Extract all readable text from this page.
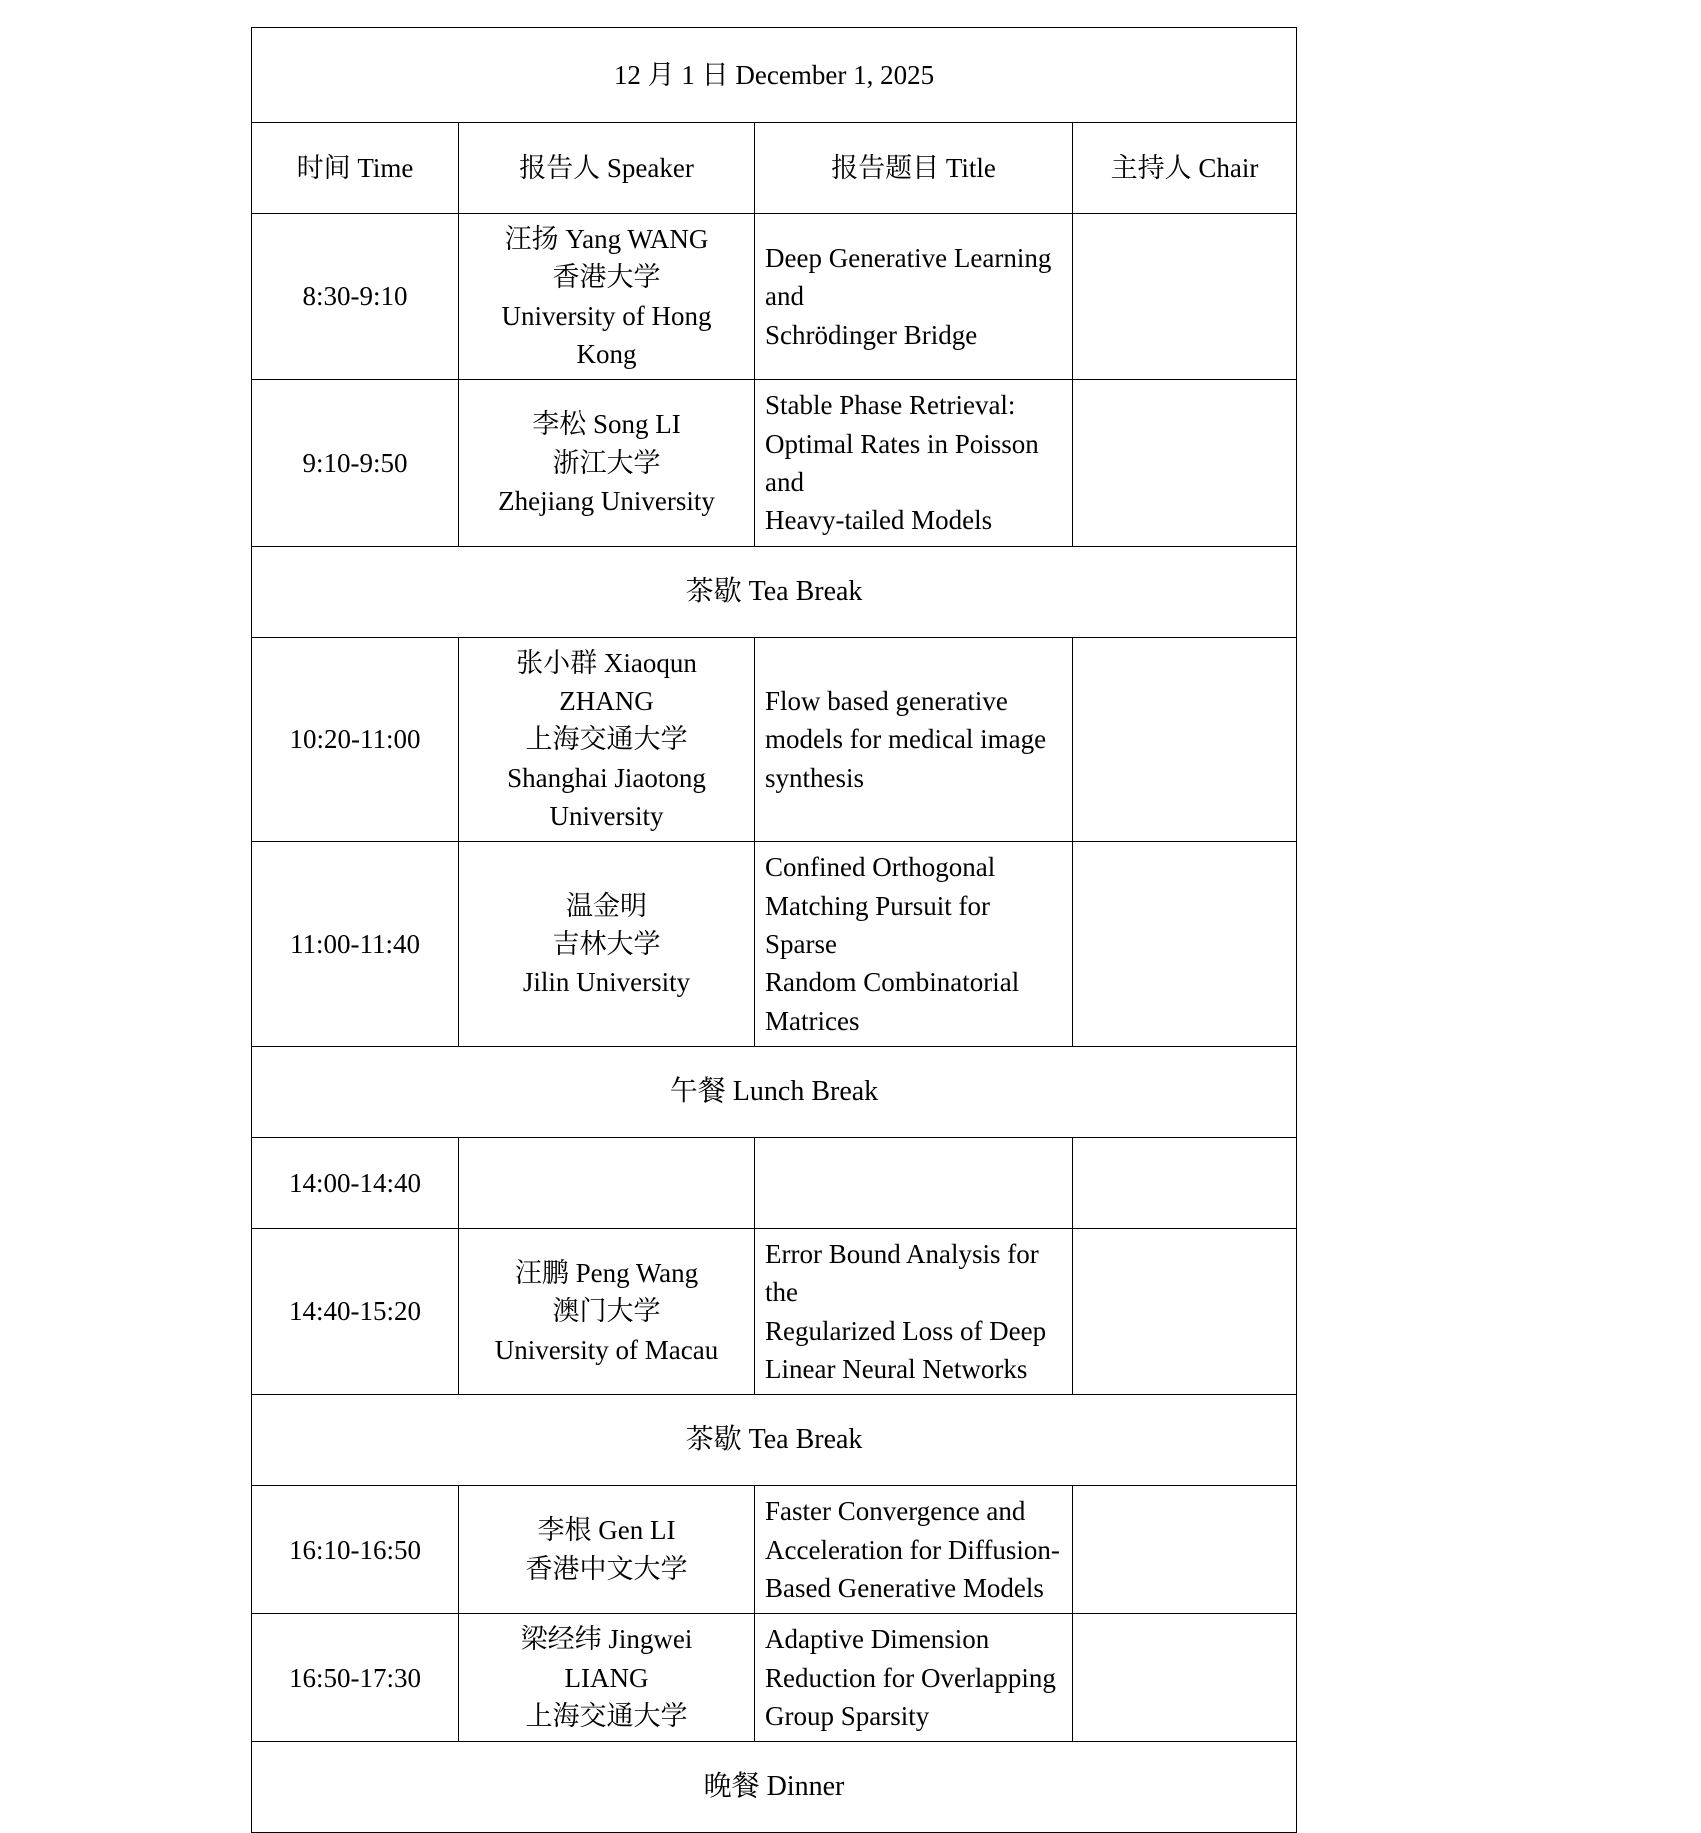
12 月 1 日 December 1, 2025			
时间 Time	报告人 Speaker	报告题目 Title	主持人 Chair
8:30-9:10	汪扬 Yang WANG
香港大学
University of Hong
Kong	Deep Generative Learning and
Schrödinger Bridge	

9:10-9:50	李松 Song LI
浙江大学
Zhejiang University	Stable Phase Retrieval:
Optimal Rates in Poisson and
Heavy-tailed Models	

茶歇 Tea Break			
10:20-11:00	张小群 Xiaoqun
ZHANG
上海交通大学
Shanghai Jiaotong
University	Flow based generative
models for medical image
synthesis	

11:00-11:40	温金明
吉林大学
Jilin University	Confined Orthogonal
Matching Pursuit for Sparse
Random Combinatorial
Matrices	

午餐 Lunch Break			
14:00-14:40			
14:40-15:20	汪鹏 Peng Wang
澳门大学
University of Macau	Error Bound Analysis for the
Regularized Loss of Deep
Linear Neural Networks	

茶歇 Tea Break			
16:10-16:50	李根 Gen LI
香港中文大学	Faster Convergence and
Acceleration for Diffusion-
Based Generative Models	

16:50-17:30	梁经纬 Jingwei
LIANG
上海交通大学	Adaptive Dimension
Reduction for Overlapping
Group Sparsity	

晚餐 Dinner			
